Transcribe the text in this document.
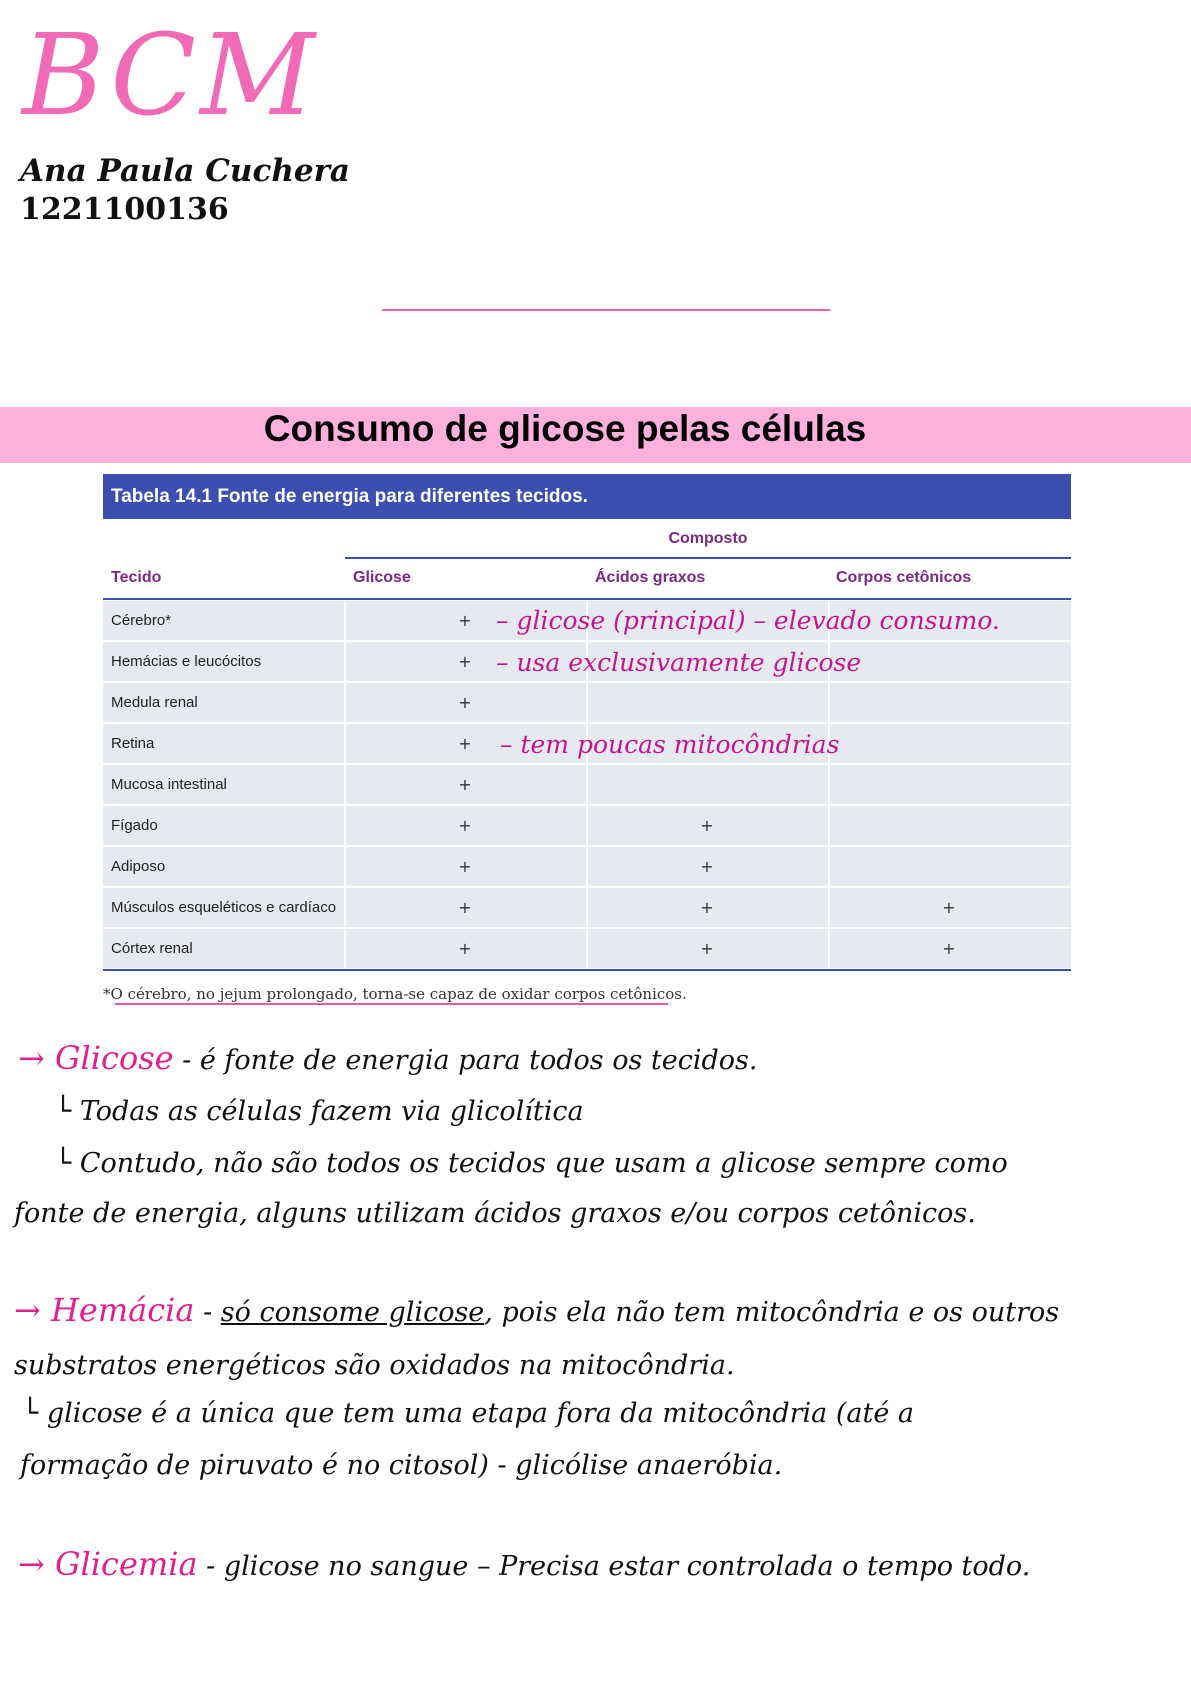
BCM
Ana Paula Cuchera
1221100136
Consumo de glicose pelas células
Tabela 14.1 Fonte de energia para diferentes tecidos.
Composto
Tecido	Glicose	Ácidos graxos	Corpos cetônicos
Cérebro*	+
Hemácias e leucócitos	+
Medula renal	+
Retina	+
Mucosa intestinal	+
Fígado	+	+
Adiposo	+	+
Músculos esqueléticos e cardíaco	+	+	+
Córtex renal	+	+	+
– glicose (principal) – elevado consumo.
– usa exclusivamente glicose
– tem poucas mitocôndrias
*O cérebro, no jejum prolongado, torna-se capaz de oxidar corpos cetônicos.
→ Glicose - é fonte de energia para todos os tecidos.
└ Todas as células fazem via glicolítica
└ Contudo, não são todos os tecidos que usam a glicose sempre como
fonte de energia, alguns utilizam ácidos graxos e/ou corpos cetônicos.
→ Hemácia - só consome glicose, pois ela não tem mitocôndria e os outros
substratos energéticos são oxidados na mitocôndria.
└ glicose é a única que tem uma etapa fora da mitocôndria (até a
formação de piruvato é no citosol) - glicólise anaeróbia.
→ Glicemia - glicose no sangue – Precisa estar controlada o tempo todo.
